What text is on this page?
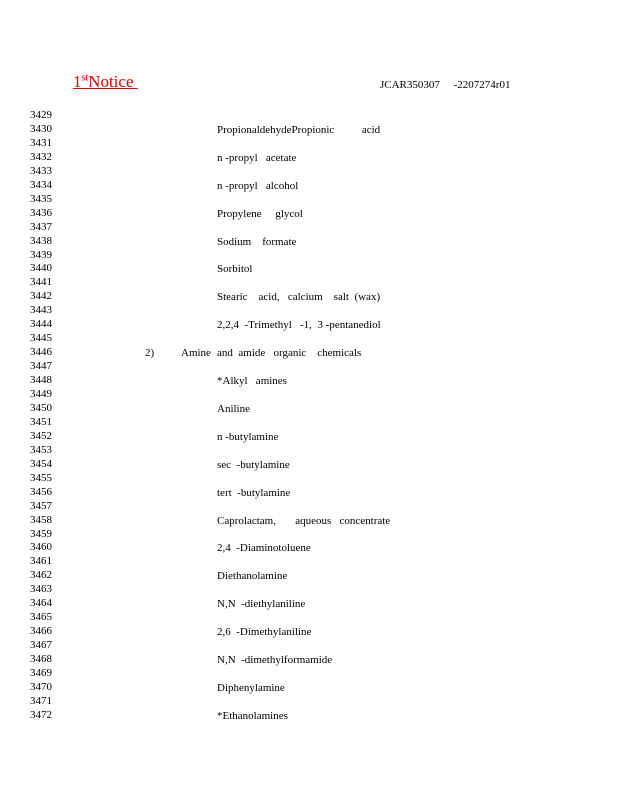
1stNotice	JCAR350307     -2207274r01
3429
3430
3431
3432
3433
3434
3435
3436
3437
3438
3439
3440
3441
3442
3443
3444
3445
3446
3447
3448
3449
3450
3451
3452
3453
3454
3455
3456
3457
3458
3459
3460
3461
3462
3463
3464
3465
3466
3467
3468
3469
3470
3471
3472
2) Amine
PropionaldehydePropionic          acid
n -propyl   acetate
n -propyl   alcohol
Propylene     glycol
Sodium    formate
Sorbitol
Stearic    acid,   calcium    salt  (wax)
2,2,4  -Trimethyl   -1,  3 -pentanediol
and  amide   organic    chemicals
*Alkyl   amines
Aniline
n -butylamine
sec  -butylamine
tert  -butylamine
Caprolactam,       aqueous   concentrate
2,4  -Diaminotoluene
Diethanolamine
N,N  -diethylaniline
2,6  -Dimethylaniline
N,N  -dimethylformamide
Diphenylamine
*Ethanolamines
